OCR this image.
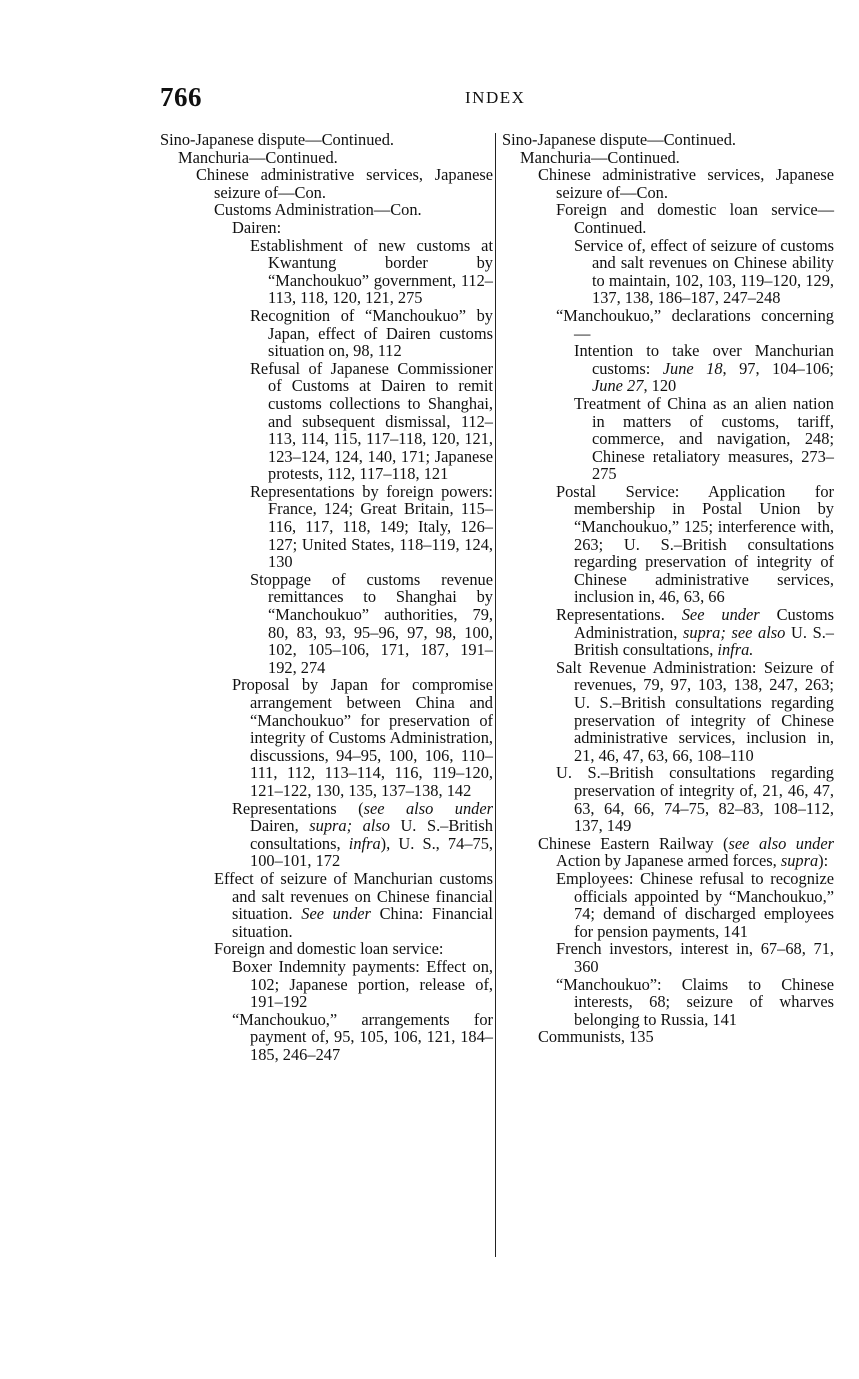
766	INDEX
Sino-Japanese dispute—Continued.
Manchuria—Continued.
Chinese administrative services, Japanese seizure of—Con.
Customs Administration—Con.
Dairen:
Establishment of new customs at Kwantung border by “Manchoukuo” government, 112–113, 118, 120, 121, 275
Recognition of “Manchoukuo” by Japan, effect of Dairen customs situation on, 98, 112
Refusal of Japanese Commissioner of Customs at Dairen to remit customs collections to Shanghai, and subsequent dismissal, 112–113, 114, 115, 117–118, 120, 121, 123–124, 124, 140, 171; Japanese protests, 112, 117–118, 121
Representations by foreign powers: France, 124; Great Britain, 115–116, 117, 118, 149; Italy, 126–127; United States, 118–119, 124, 130
Stoppage of customs revenue remittances to Shanghai by “Manchoukuo” authorities, 79, 80, 83, 93, 95–96, 97, 98, 100, 102, 105–106, 171, 187, 191–192, 274
Proposal by Japan for compromise arrangement between China and “Manchoukuo” for preservation of integrity of Customs Administration, discussions, 94–95, 100, 106, 110–111, 112, 113–114, 116, 119–120, 121–122, 130, 135, 137–138, 142
Representations (see also under Dairen, supra; also U. S.–British consultations, infra), U. S., 74–75, 100–101, 172
Effect of seizure of Manchurian customs and salt revenues on Chinese financial situation. See under China: Financial situation.
Foreign and domestic loan service:
Boxer Indemnity payments: Effect on, 102; Japanese portion, release of, 191–192
“Manchoukuo,” arrangements for payment of, 95, 105, 106, 121, 184–185, 246–247
Sino-Japanese dispute—Continued.
Manchuria—Continued.
Chinese administrative services, Japanese seizure of—Con.
Foreign and domestic loan service—Continued.
Service of, effect of seizure of customs and salt revenues on Chinese ability to maintain, 102, 103, 119–120, 129, 137, 138, 186–187, 247–248
“Manchoukuo,” declarations concerning—
Intention to take over Manchurian customs: June 18, 97, 104–106; June 27, 120
Treatment of China as an alien nation in matters of customs, tariff, commerce, and navigation, 248; Chinese retaliatory measures, 273–275
Postal Service: Application for membership in Postal Union by “Manchoukuo,” 125; interference with, 263; U. S.–British consultations regarding preservation of integrity of Chinese administrative services, inclusion in, 46, 63, 66
Representations. See under Customs Administration, supra; see also U. S.–British consultations, infra.
Salt Revenue Administration: Seizure of revenues, 79, 97, 103, 138, 247, 263; U. S.–British consultations regarding preservation of integrity of Chinese administrative services, inclusion in, 21, 46, 47, 63, 66, 108–110
U. S.–British consultations regarding preservation of integrity of, 21, 46, 47, 63, 64, 66, 74–75, 82–83, 108–112, 137, 149
Chinese Eastern Railway (see also under Action by Japanese armed forces, supra):
Employees: Chinese refusal to recognize officials appointed by “Manchoukuo,” 74; demand of discharged employees for pension payments, 141
French investors, interest in, 67–68, 71, 360
“Manchoukuo”: Claims to Chinese interests, 68; seizure of wharves belonging to Russia, 141
Communists, 135
